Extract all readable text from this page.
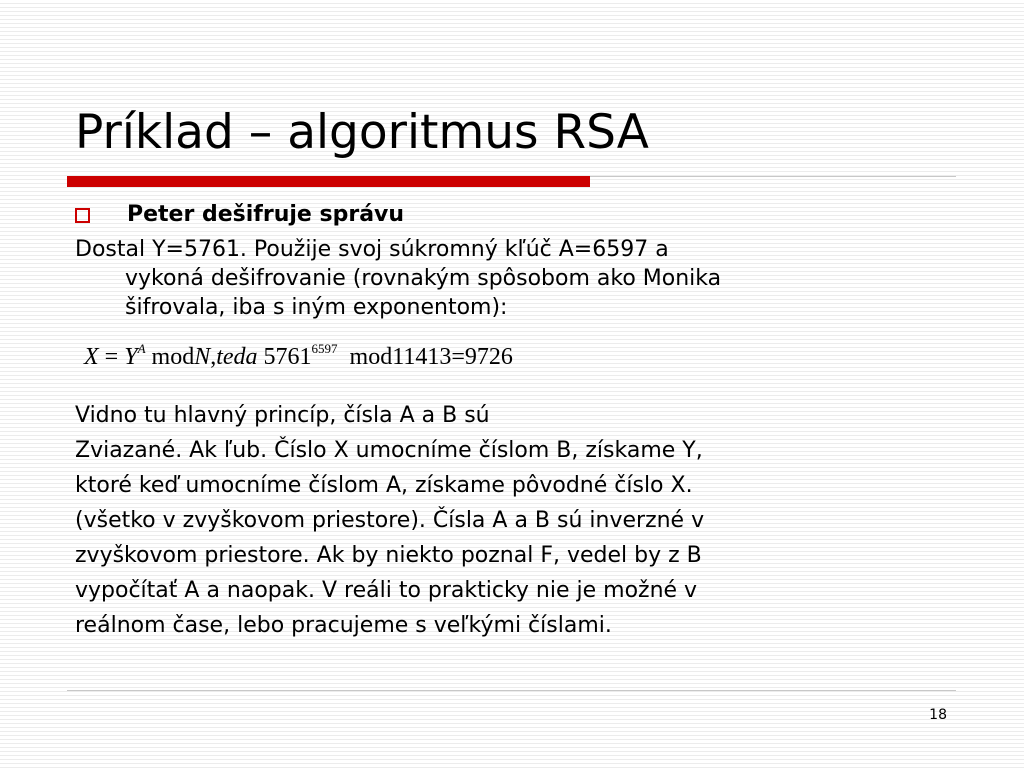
Príklad – algoritmus RSA
Peter dešifruje správu
Dostal Y=5761. Použije svoj súkromný kľúč A=6597 a
vykoná dešifrovanie (rovnakým spôsobom ako Monika
šifrovala, iba s iným exponentom):
$X = Y^A$ modN,teda $5761^{6597}$ mod11413=9726
Vidno tu hlavný princíp, čísla A a B sú
Zviazané. Ak ľub. Číslo X umocníme číslom B, získame Y,
ktoré keď umocníme číslom A, získame pôvodné číslo X.
(všetko v zvyškovom priestore). Čísla A a B sú inverzné v
zvyškovom priestore. Ak by niekto poznal F, vedel by z B
vypočítať A a naopak. V reáli to prakticky nie je možné v
reálnom čase, lebo pracujeme s veľkými číslami.
18
